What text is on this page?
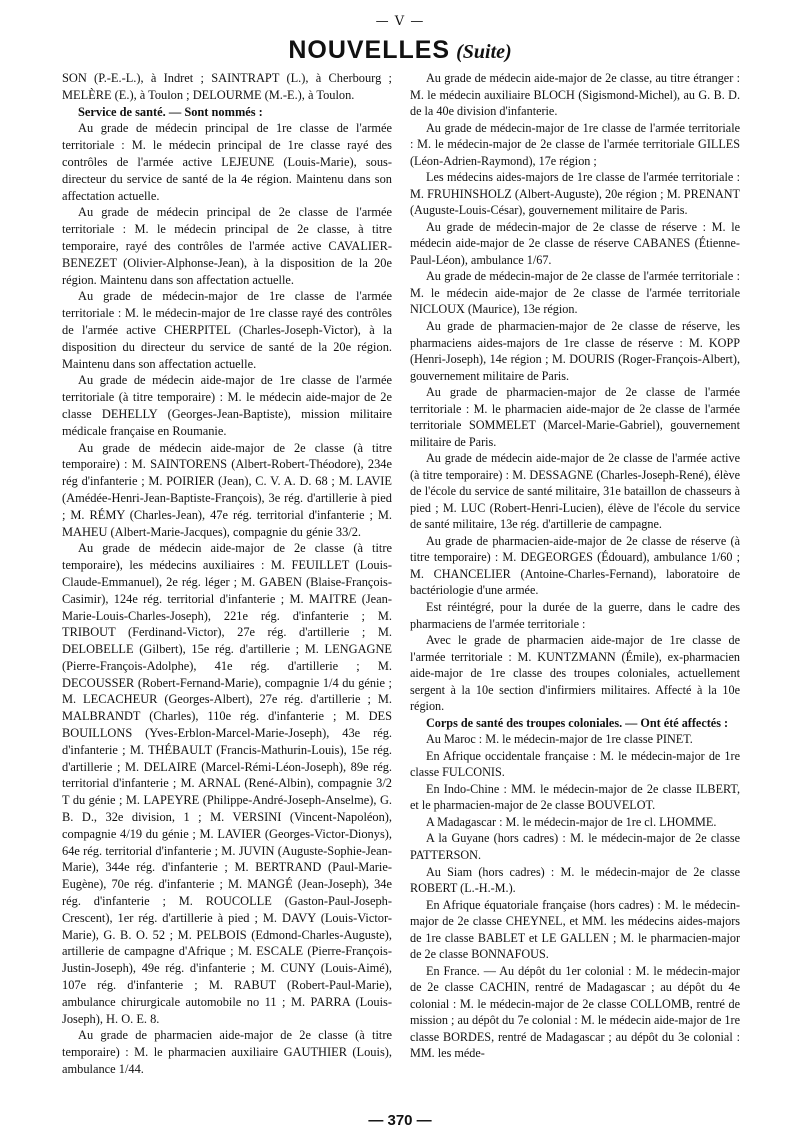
— V —
NOUVELLES (Suite)

SON (P.-E.-L.), à Indret ; SAINTRAPT (L.), à Cherbourg ; MELÈRE (E.), à Toulon ; DELOURME (M.-E.), à Toulon.

Service de santé. — Sont nommés :

Au grade de médecin principal de 1re classe de l'armée territoriale : M. le médecin principal de 1re classe rayé des contrôles de l'armée active LEJEUNE (Louis-Marie), sous-directeur du service de santé de la 4e région. Maintenu dans son affectation actuelle.

Au grade de médecin principal de 2e classe de l'armée territoriale : M. le médecin principal de 2e classe, à titre temporaire, rayé des contrôles de l'armée active CAVALIER-BENEZET (Olivier-Alphonse-Jean), à la disposition de la 20e région. Maintenu dans son affectation actuelle.

Au grade de médecin-major de 1re classe de l'armée territoriale : M. le médecin-major de 1re classe rayé des contrôles de l'armée active CHERPITEL (Charles-Joseph-Victor), à la disposition du directeur du service de santé de la 20e région. Maintenu dans son affectation actuelle.

Au grade de médecin aide-major de 1re classe de l'armée territoriale (à titre temporaire) : M. le médecin aide-major de 2e classe DEHELLY (Georges-Jean-Baptiste), mission militaire médicale française en Roumanie.

Au grade de médecin aide-major de 2e classe (à titre temporaire) : M. SAINTORENS (Albert-Robert-Théodore), 234e rég d'infanterie ; M. POIRIER (Jean), C. V. A. D. 68 ; M. LAVIE (Amédée-Henri-Jean-Baptiste-François), 3e rég. d'artillerie à pied ; M. RÉMY (Charles-Jean), 47e rég. territorial d'infanterie ; M. MAHEU (Albert-Marie-Jacques), compagnie du génie 33/2.

Au grade de médecin aide-major de 2e classe (à titre temporaire), les médecins auxiliaires : M. FEUILLET (Louis-Claude-Emmanuel), 2e rég. léger ; M. GABEN (Blaise-François-Casimir), 124e rég. territorial d'infanterie ; M. MAITRE (Jean-Marie-Louis-Charles-Joseph), 221e rég. d'infanterie ; M. TRIBOUT (Ferdinand-Victor), 27e rég. d'artillerie ; M. DELOBELLE (Gilbert), 15e rég. d'artillerie ; M. LENGAGNE (Pierre-François-Adolphe), 41e rég. d'artillerie ; M. DECOUSSER (Robert-Fernand-Marie), compagnie 1/4 du génie ; M. LECACHEUR (Georges-Albert), 27e rég. d'artillerie ; M. MALBRANDT (Charles), 110e rég. d'infanterie ; M. DES BOUILLONS (Yves-Erblon-Marcel-Marie-Joseph), 43e rég. d'infanterie ; M. THÉBAULT (Francis-Mathurin-Louis), 15e rég. d'artillerie ; M. DELAIRE (Marcel-Rémi-Léon-Joseph), 89e rég. territorial d'infanterie ; M. ARNAL (René-Albin), compagnie 3/2 T du génie ; M. LAPEYRE (Philippe-André-Joseph-Anselme), G. B. D., 32e division, 1 ; M. VERSINI (Vincent-Napoléon), compagnie 4/19 du génie ; M. LAVIER (Georges-Victor-Dionys), 64e rég. territorial d'infanterie ; M. JUVIN (Auguste-Sophie-Jean-Marie), 344e rég. d'infanterie ; M. BERTRAND (Paul-Marie-Eugène), 70e rég. d'infanterie ; M. MANGÉ (Jean-Joseph), 34e rég. d'infanterie ; M. ROUCOLLE (Gaston-Paul-Joseph-Crescent), 1er rég. d'artillerie à pied ; M. DAVY (Louis-Victor-Marie), G. B. O. 52 ; M. PELBOIS (Edmond-Charles-Auguste), artillerie de campagne d'Afrique ; M. ESCALE (Pierre-François-Justin-Joseph), 49e rég. d'infanterie ; M. CUNY (Louis-Aimé), 107e rég. d'infanterie ; M. RABUT (Robert-Paul-Marie), ambulance chirurgicale automobile no 11 ; M. PARRA (Louis-Joseph), H. O. E. 8.

Au grade de pharmacien aide-major de 2e classe (à titre temporaire) : M. le pharmacien auxiliaire GAUTHIER (Louis), ambulance 1/44.

Au grade de médecin aide-major de 2e classe, au titre étranger : M. le médecin auxiliaire BLOCH (Sigismond-Michel), au G. B. D. de la 40e division d'infanterie.

Au grade de médecin-major de 1re classe de l'armée territoriale : M. le médecin-major de 2e classe de l'armée territoriale GILLES (Léon-Adrien-Raymond), 17e région ;

Les médecins aides-majors de 1re classe de l'armée territoriale : M. FRUHINSHOLZ (Albert-Auguste), 20e région ; M. PRENANT (Auguste-Louis-César), gouvernement militaire de Paris.

Au grade de médecin-major de 2e classe de réserve : M. le médecin aide-major de 2e classe de réserve CABANES (Étienne-Paul-Léon), ambulance 1/67.

Au grade de médecin-major de 2e classe de l'armée territoriale : M. le médecin aide-major de 2e classe de l'armée territoriale NICLOUX (Maurice), 13e région.

Au grade de pharmacien-major de 2e classe de réserve, les pharmaciens aides-majors de 1re classe de réserve : M. KOPP (Henri-Joseph), 14e région ; M. DOURIS (Roger-François-Albert), gouvernement militaire de Paris.

Au grade de pharmacien-major de 2e classe de l'armée territoriale : M. le pharmacien aide-major de 2e classe de l'armée territoriale SOMMELET (Marcel-Marie-Gabriel), gouvernement militaire de Paris.

Au grade de médecin aide-major de 2e classe de l'armée active (à titre temporaire) : M. DESSAGNE (Charles-Joseph-René), élève de l'école du service de santé militaire, 31e bataillon de chasseurs à pied ; M. LUC (Robert-Henri-Lucien), élève de l'école du service de santé militaire, 13e rég. d'artillerie de campagne.

Au grade de pharmacien-aide-major de 2e classe de réserve (à titre temporaire) : M. DEGEORGES (Édouard), ambulance 1/60 ; M. CHANCELIER (Antoine-Charles-Fernand), laboratoire de bactériologie d'une armée.

Est réintégré, pour la durée de la guerre, dans le cadre des pharmaciens de l'armée territoriale :

Avec le grade de pharmacien aide-major de 1re classe de l'armée territoriale : M. KUNTZMANN (Émile), ex-pharmacien aide-major de 1re classe des troupes coloniales, actuellement sergent à la 10e section d'infirmiers militaires. Affecté à la 10e région.

Corps de santé des troupes coloniales. — Ont été affectés :

Au Maroc : M. le médecin-major de 1re classe PINET.

En Afrique occidentale française : M. le médecin-major de 1re classe FULCONIS.

En Indo-Chine : MM. le médecin-major de 2e classe ILBERT, et le pharmacien-major de 2e classe BOUVELOT.

A Madagascar : M. le médecin-major de 1re cl. LHOMME.

A la Guyane (hors cadres) : M. le médecin-major de 2e classe PATTERSON.

Au Siam (hors cadres) : M. le médecin-major de 2e classe ROBERT (L.-H.-M.).

En Afrique équatoriale française (hors cadres) : M. le médecin-major de 2e classe CHEYNEL, et MM. les médecins aides-majors de 1re classe BABLET et LE GALLEN ; M. le pharmacien-major de 2e classe BONNAFOUS.

En France. — Au dépôt du 1er colonial : M. le médecin-major de 2e classe CACHIN, rentré de Madagascar ; au dépôt du 4e colonial : M. le médecin-major de 2e classe COLLOMB, rentré de mission ; au dépôt du 7e colonial : M. le médecin aide-major de 1re classe BORDES, rentré de Madagascar ; au dépôt du 3e colonial : MM. les méde-

— 370 —
